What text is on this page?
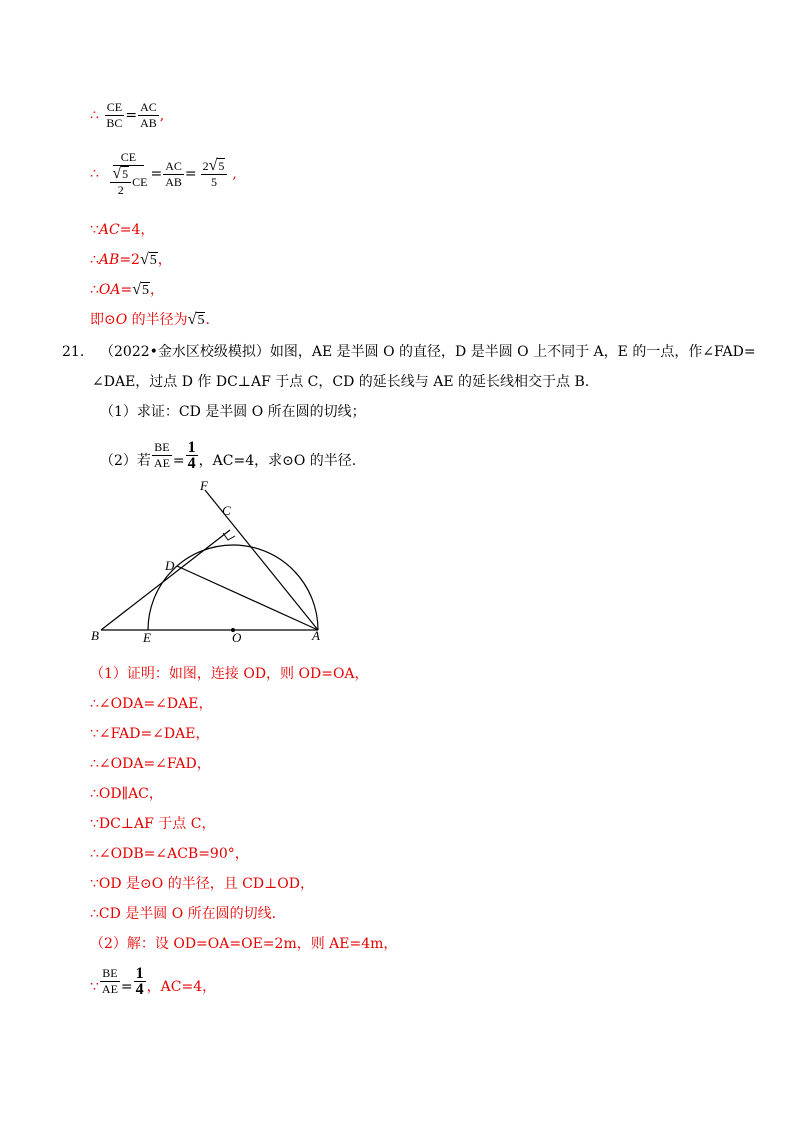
∴ $\frac{CE}{BC} = \frac{AC}{AB}$ ,
∴ $\frac{CE}{\frac{√5}{2} CE} = \frac{AC}{AB} = \frac{2√5}{5}$ ,
∵AC=4，
∴AB=2√5，
∴OA=√5，
即⊙O 的半径为√5.
21. （2022•金水区校级模拟）如图，AE 是半圆 O 的直径，D 是半圆 O 上不同于 A，E 的一点，作∠FAD=
∠DAE，过点 D 作 DC⊥AF 于点 C，CD 的延长线与 AE 的延长线相交于点 B.
（1）求证：CD 是半圆 O 所在圆的切线；
（2）若 $\frac{BE}{AE} = \frac{1}{4}$ ，AC=4，求⊙O 的半径.
F
C
D
B	E	O	A
（1）证明：如图，连接 OD，则 OD=OA，
∴∠ODA=∠DAE，
∵∠FAD=∠DAE，
∴∠ODA=∠FAD，
∴OD∥AC，
∵DC⊥AF 于点 C，
∴∠ODB=∠ACB=90°，
∵OD 是⊙O 的半径，且 CD⊥OD，
∴CD 是半圆 O 所在圆的切线.
（2）解：设 OD=OA=OE=2m，则 AE=4m，
∵ $\frac{BE}{AE} = \frac{1}{4}$ ，AC=4，
